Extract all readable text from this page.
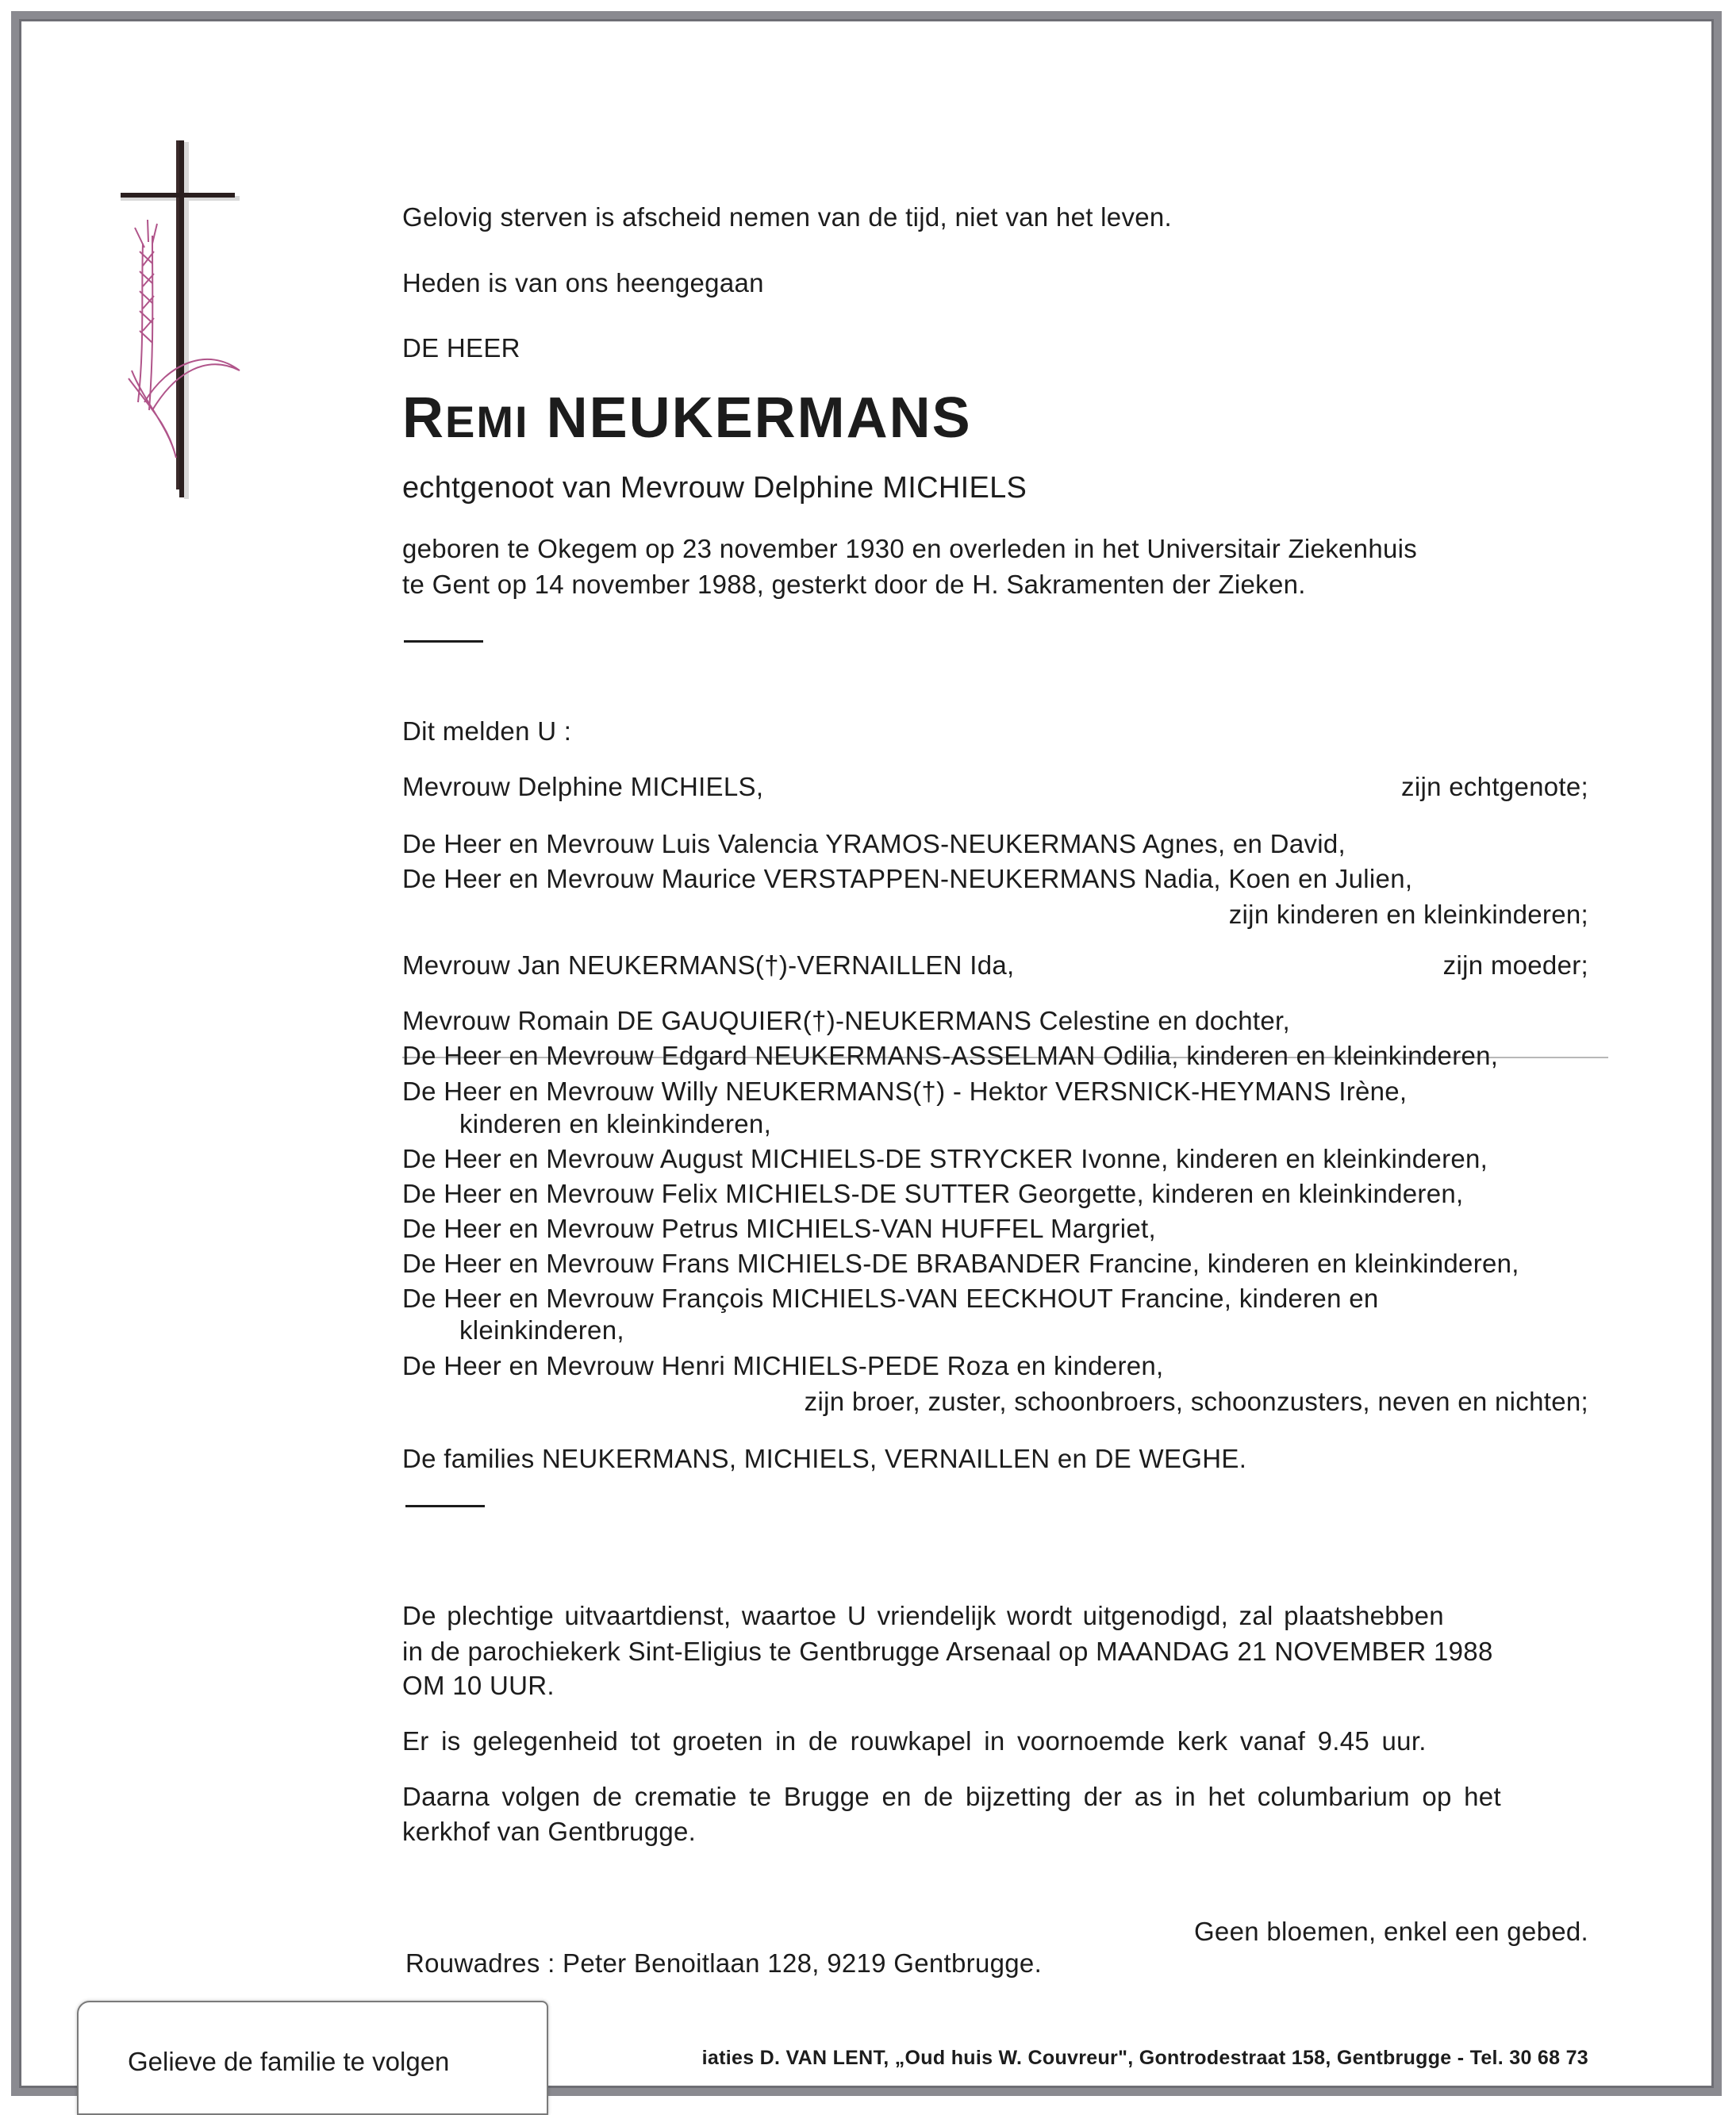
Gelovig sterven is afscheid nemen van de tijd, niet van het leven.
Heden is van ons heengegaan
DE HEER
REMI NEUKERMANS
echtgenoot van Mevrouw Delphine MICHIELS
geboren te Okegem op 23 november 1930 en overleden in het Universitair Ziekenhuis
te Gent op 14 november 1988, gesterkt door de H. Sakramenten der Zieken.
Dit melden U :
Mevrouw Delphine MICHIELS,	zijn echtgenote;
De Heer en Mevrouw Luis Valencia YRAMOS-NEUKERMANS Agnes, en David,
De Heer en Mevrouw Maurice VERSTAPPEN-NEUKERMANS Nadia, Koen en Julien,
zijn kinderen en kleinkinderen;
Mevrouw Jan NEUKERMANS(†)-VERNAILLEN Ida,	zijn moeder;
Mevrouw Romain DE GAUQUIER(†)-NEUKERMANS Celestine en dochter,
De Heer en Mevrouw Edgard NEUKERMANS-ASSELMAN Odilia, kinderen en kleinkinderen,
De Heer en Mevrouw Willy NEUKERMANS(†) - Hektor VERSNICK-HEYMANS Irène,
kinderen en kleinkinderen,
De Heer en Mevrouw August MICHIELS-DE STRYCKER Ivonne, kinderen en kleinkinderen,
De Heer en Mevrouw Felix MICHIELS-DE SUTTER Georgette, kinderen en kleinkinderen,
De Heer en Mevrouw Petrus MICHIELS-VAN HUFFEL Margriet,
De Heer en Mevrouw Frans MICHIELS-DE BRABANDER Francine, kinderen en kleinkinderen,
De Heer en Mevrouw François MICHIELS-VAN EECKHOUT Francine, kinderen en
kleinkinderen,
De Heer en Mevrouw Henri MICHIELS-PEDE Roza en kinderen,
zijn broer, zuster, schoonbroers, schoonzusters, neven en nichten;
De families NEUKERMANS, MICHIELS, VERNAILLEN en DE WEGHE.
De plechtige uitvaartdienst, waartoe U vriendelijk wordt uitgenodigd, zal plaatshebben
in de parochiekerk Sint-Eligius te Gentbrugge Arsenaal op MAANDAG 21 NOVEMBER 1988
OM 10 UUR.
Er is gelegenheid tot groeten in de rouwkapel in voornoemde kerk vanaf 9.45 uur.
Daarna volgen de crematie te Brugge en de bijzetting der as in het columbarium op het
kerkhof van Gentbrugge.
Geen bloemen, enkel een gebed.
Rouwadres : Peter Benoitlaan 128, 9219 Gentbrugge.
iaties D. VAN LENT, „Oud huis W. Couvreur", Gontrodestraat 158, Gentbrugge - Tel. 30 68 73
Gelieve de familie te volgen
